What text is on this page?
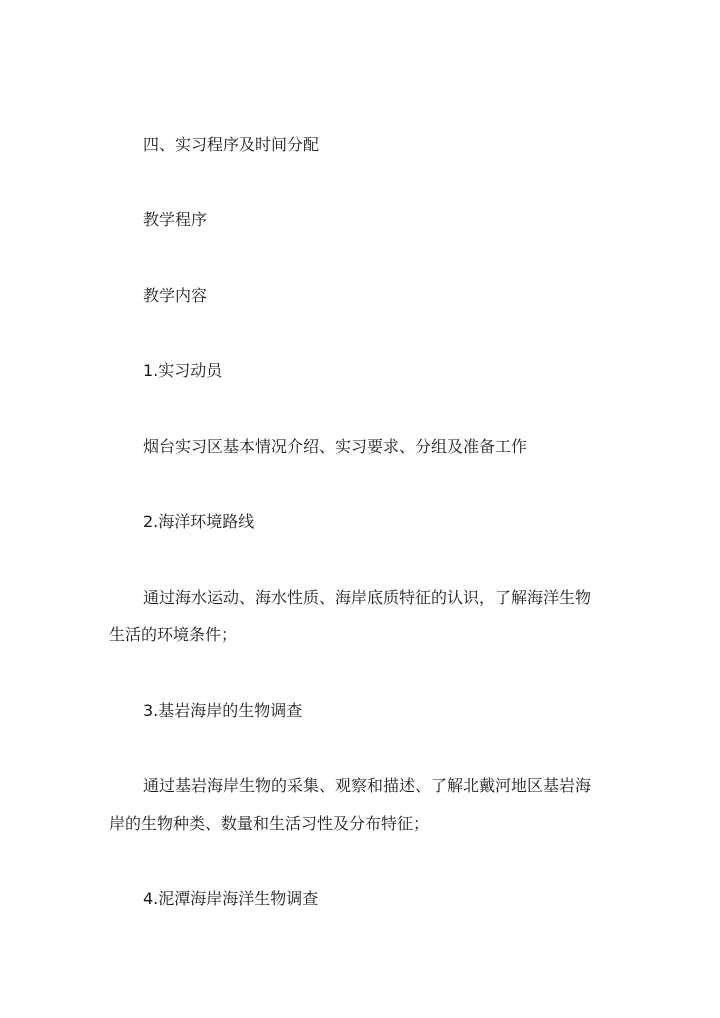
四、实习程序及时间分配
教学程序
教学内容
1.实习动员
烟台实习区基本情况介绍、实习要求、分组及准备工作
2.海洋环境路线
通过海水运动、海水性质、海岸底质特征的认识，了解海洋生物
生活的环境条件；
3.基岩海岸的生物调查
通过基岩海岸生物的采集、观察和描述、了解北戴河地区基岩海
岸的生物种类、数量和生活习性及分布特征；
4.泥潭海岸海洋生物调查
